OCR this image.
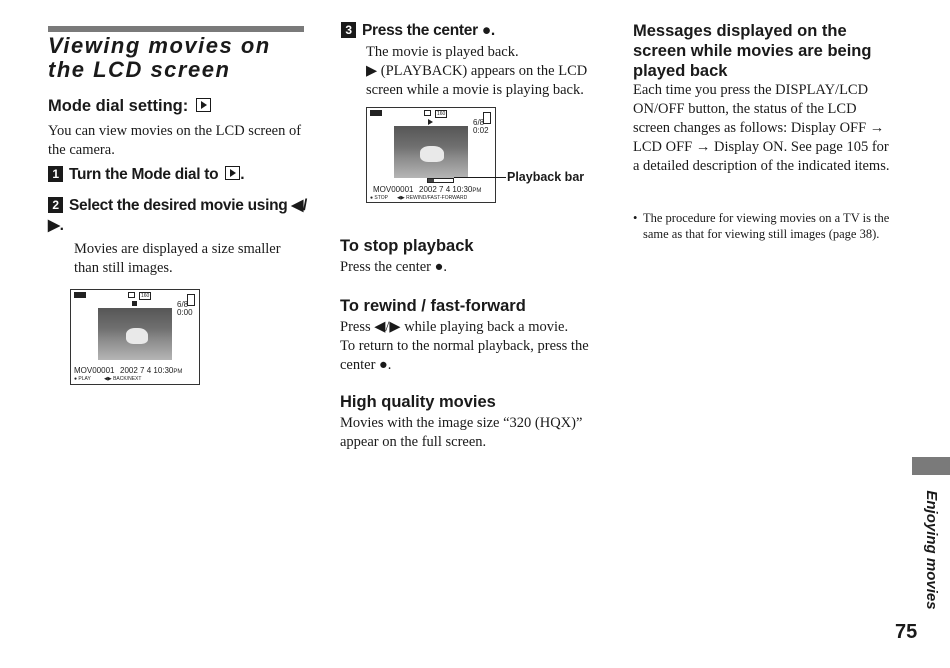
Viewing movies on the LCD screen
Mode dial setting:
You can view movies on the LCD screen of the camera.
1 Turn the Mode dial to .
2 Select the desired movie using ◀/▶.
Movies are displayed a size smaller than still images.
160
6/8
0:00
MOV00001 2002 7 4 10:30PM
● PLAY	◀▶ BACK/NEXT
3 Press the center ●.
The movie is played back.
▶ (PLAYBACK) appears on the LCD screen while a movie is playing back.
160
6/8
0:02
MOV00001 2002 7 4 10:30PM
● STOP ◀▶ REWIND/FAST-FORWARD
Playback bar
To stop playback
Press the center ●.
To rewind / fast-forward
Press ◀/▶ while playing back a movie.
To return to the normal playback, press the center ●.
High quality movies
Movies with the image size “320 (HQX)” appear on the full screen.
Messages displayed on the screen while movies are being played back
Each time you press the DISPLAY/LCD ON/OFF button, the status of the LCD screen changes as follows: Display OFF → LCD OFF → Display ON. See page 105 for a detailed description of the indicated items.
• The procedure for viewing movies on a TV is the same as that for viewing still images (page 38).
Enjoying movies
75
